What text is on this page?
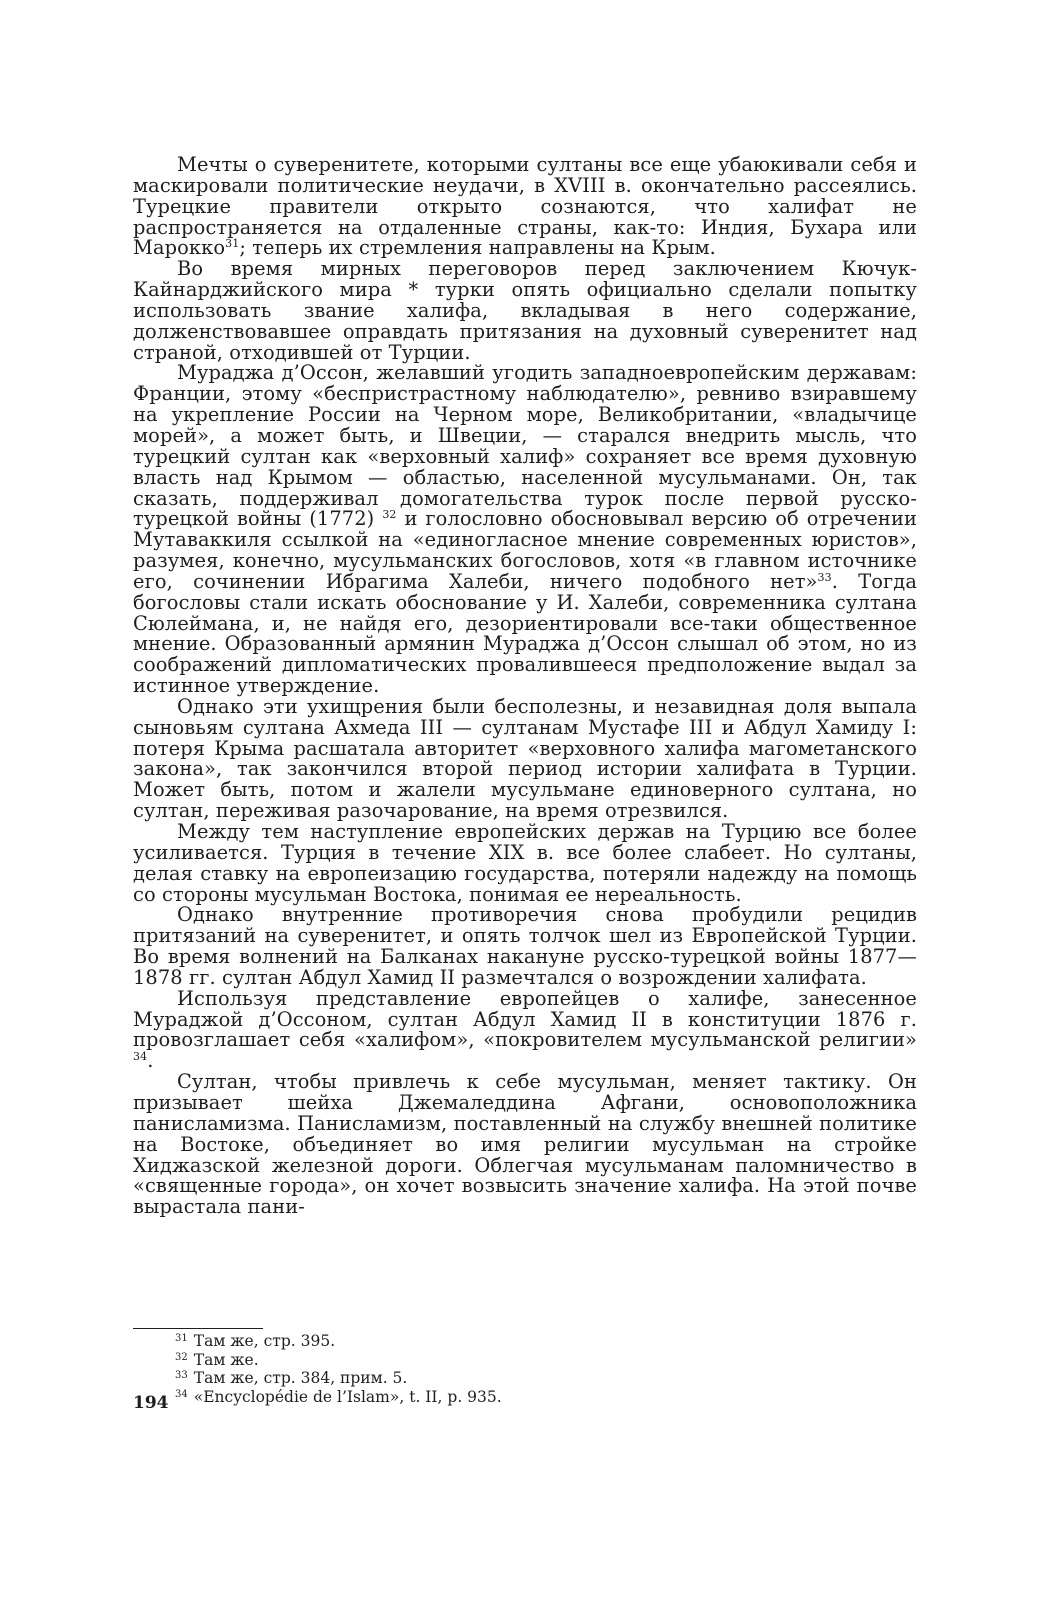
Мечты о суверенитете, которыми султаны все еще убаюкивали себя и маскировали политические неудачи, в XVIII в. окончательно рассеялись. Турецкие правители открыто сознаются, что халифат не распространяется на отдаленные страны, как-то: Индия, Бухара или Марокко$^{31}$; теперь их стремления направлены на Крым.

Во время мирных переговоров перед заключением Кючук-Кайнарджийского мира * турки опять официально сделали попытку использовать звание халифа, вкладывая в него содержание, долженствовавшее оправдать притязания на духовный суверенитет над страной, отходившей от Турции.

Мураджа д’Оссон, желавший угодить западноевропейским державам: Франции, этому «беспристрастному наблюдателю», ревниво взиравшему на укрепление России на Черном море, Великобритании, «владычице морей», а может быть, и Швеции, — старался внедрить мысль, что турецкий султан как «верховный халиф» сохраняет все время духовную власть над Крымом — областью, населенной мусульманами. Он, так сказать, поддерживал домогательства турок после первой русско-турецкой войны (1772) $^{32}$ и голословно обосновывал версию об отречении Мутаваккиля ссылкой на «единогласное мнение современных юристов», разумея, конечно, мусульманских богословов, хотя «в главном источнике его, сочинении Ибрагима Халеби, ничего подобного нет»$^{33}$. Тогда богословы стали искать обоснование у И. Халеби, современника султана Сюлеймана, и, не найдя его, дезориентировали все-таки общественное мнение. Образованный армянин Мураджа д’Оссон слышал об этом, но из соображений дипломатических провалившееся предположение выдал за истинное утверждение.

Однако эти ухищрения были бесполезны, и незавидная доля выпала сыновьям султана Ахмеда III — султанам Мустафе III и Абдул Хамиду I: потеря Крыма расшатала авторитет «верховного халифа магометанского закона», так закончился второй период истории халифата в Турции. Может быть, потом и жалели мусульмане единоверного султана, но султан, переживая разочарование, на время отрезвился.

Между тем наступление европейских держав на Турцию все более усиливается. Турция в течение XIX в. все более слабеет. Но султаны, делая ставку на европеизацию государства, потеряли надежду на помощь со стороны мусульман Востока, понимая ее нереальность.

Однако внутренние противоречия снова пробудили рецидив притязаний на суверенитет, и опять толчок шел из Европейской Турции. Во время волнений на Балканах накануне русско-турецкой войны 1877—1878 гг. султан Абдул Хамид II размечтался о возрождении халифата.

Используя представление европейцев о халифе, занесенное Мураджой д’Оссоном, султан Абдул Хамид II в конституции 1876 г. провозглашает себя «халифом», «покровителем мусульманской религии» $^{34}$.

Султан, чтобы привлечь к себе мусульман, меняет тактику. Он призывает шейха Джемаледдина Афгани, основоположника панисламизма. Панисламизм, поставленный на службу внешней политике на Востоке, объединяет во имя религии мусульман на стройке Хиджазской железной дороги. Облегчая мусульманам паломничество в «священные города», он хочет возвысить значение халифа. На этой почве вырастала пани-

$^{31}$ Там же, стр. 395.
$^{32}$ Там же.
$^{33}$ Там же, стр. 384, прим. 5.
$^{34}$ «Encyclopédie de l’Islam», t. II, p. 935.
194
